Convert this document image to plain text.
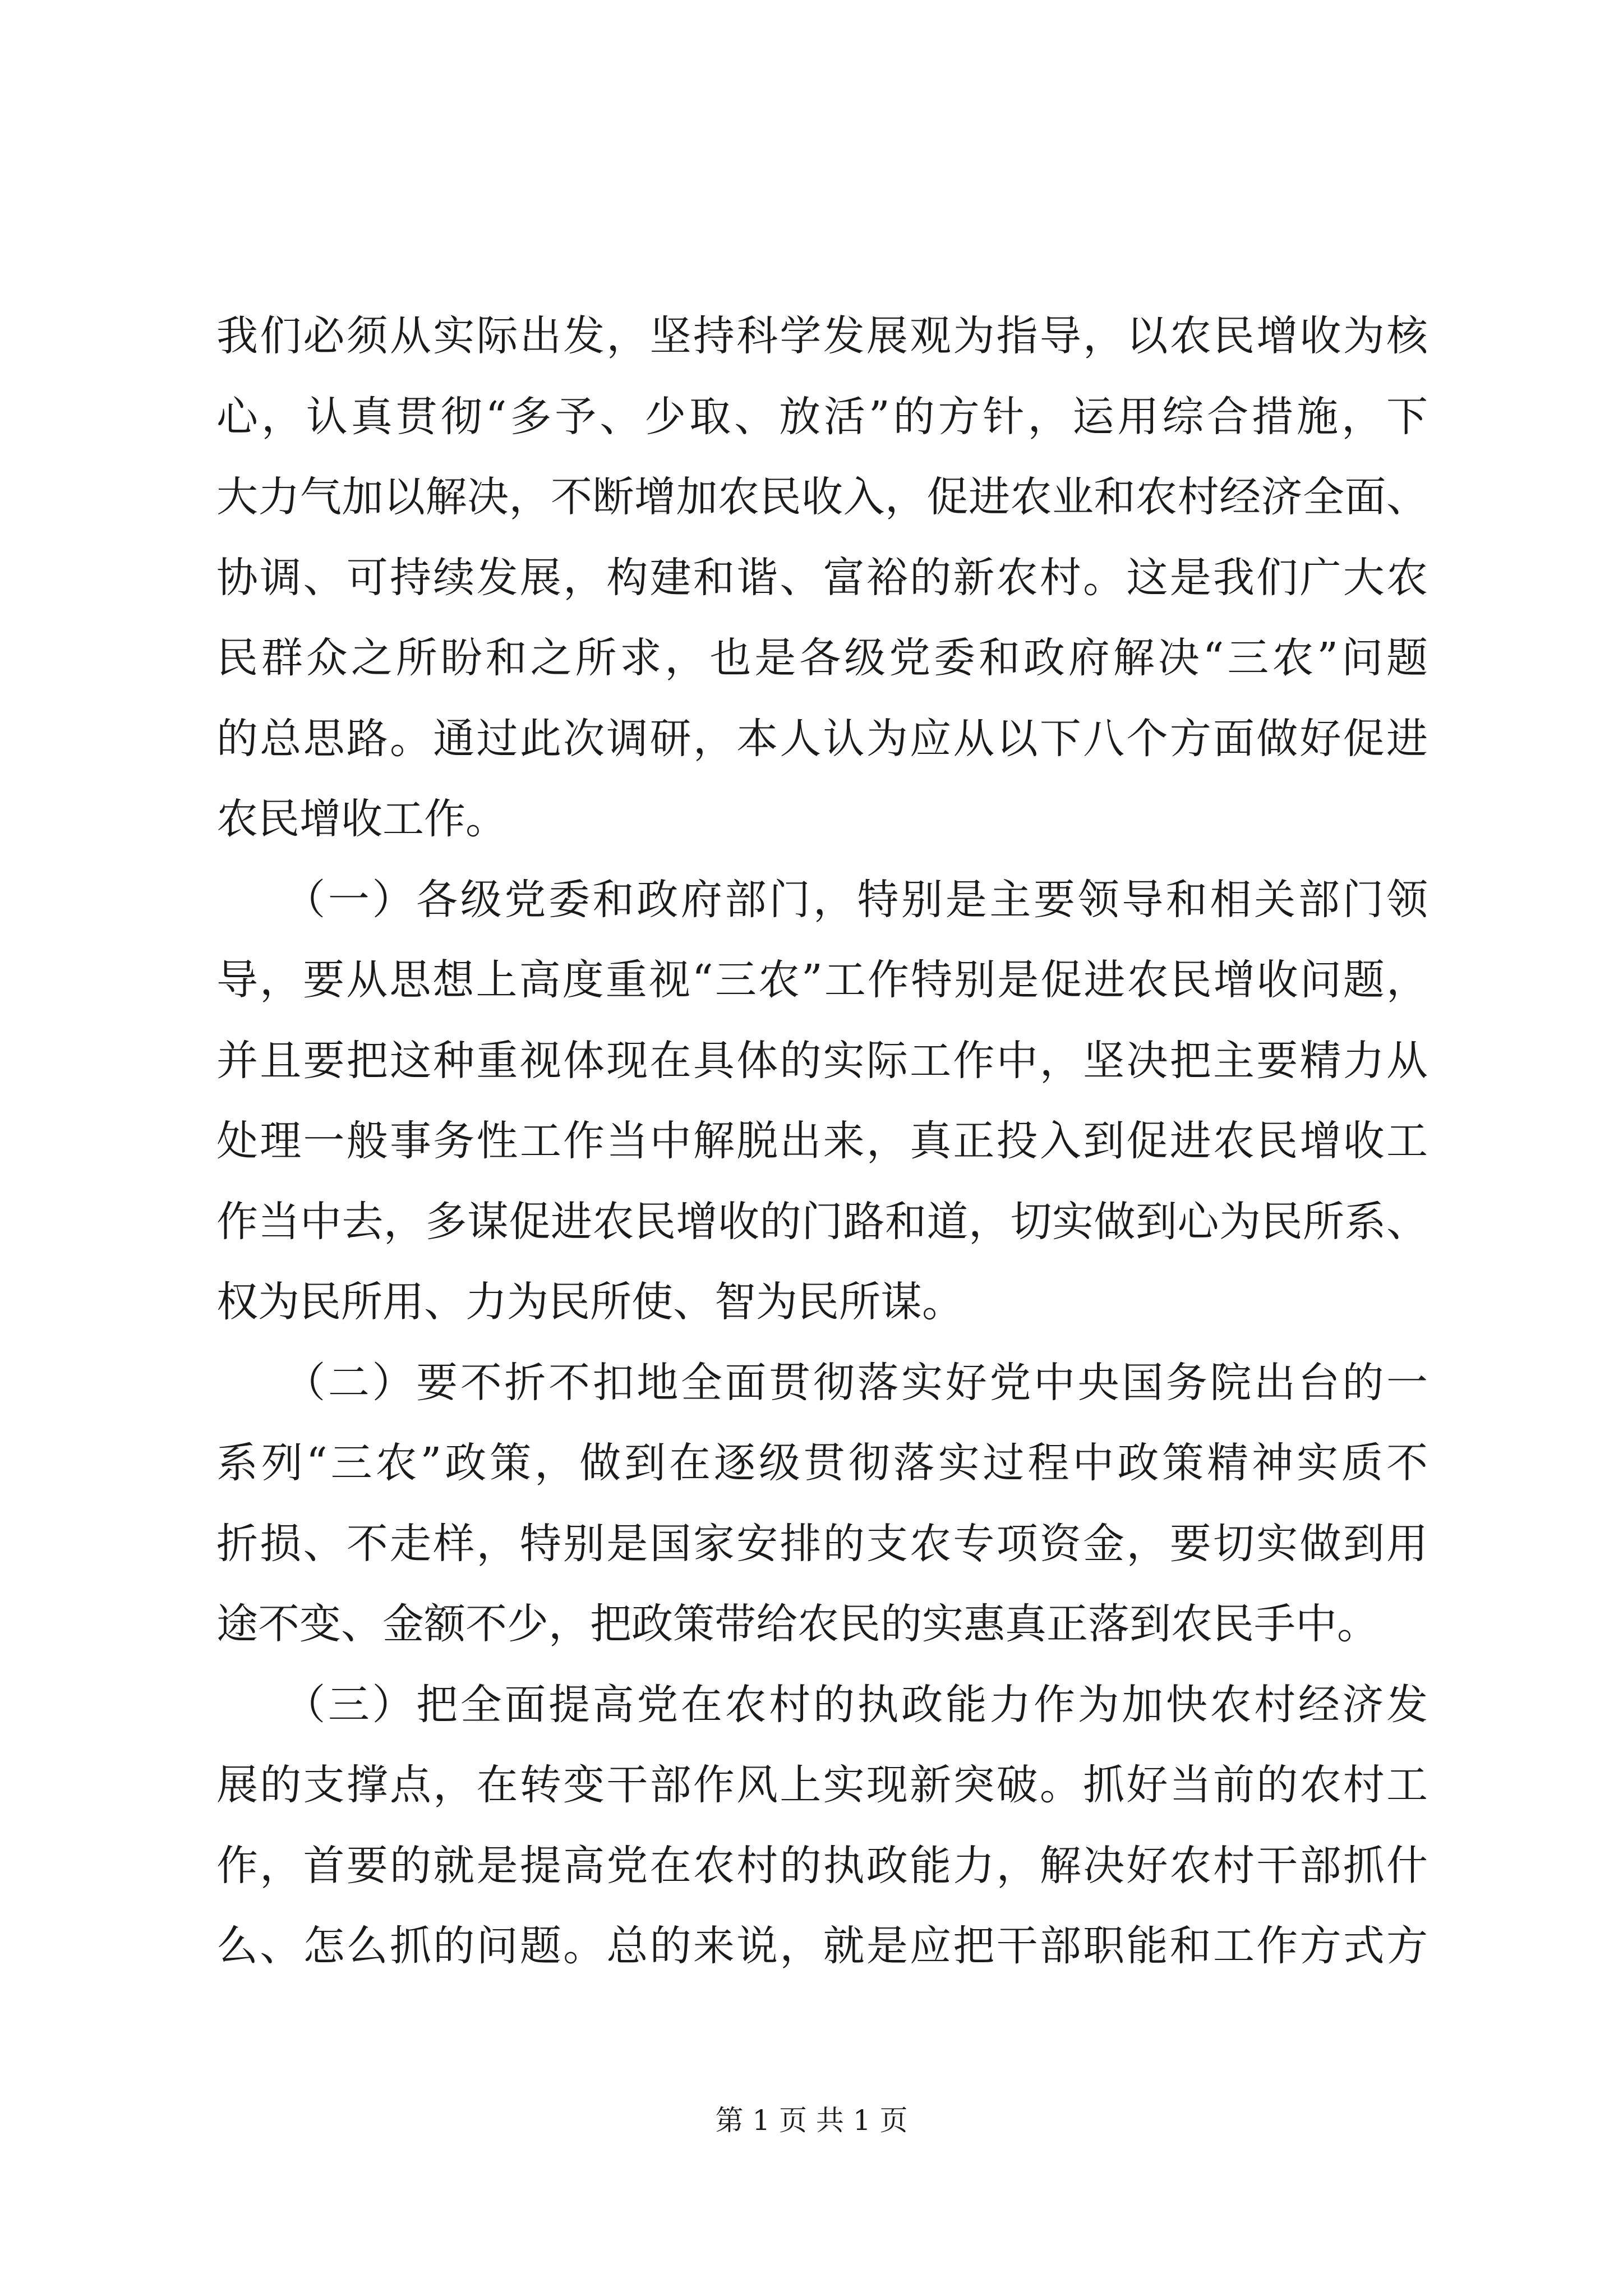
我们必须从实际出发，坚持科学发展观为指导，以农民增收为核
心，认真贯彻“多予、少取、放活”的方针，运用综合措施，下
大力气加以解决，不断增加农民收入，促进农业和农村经济全面、
协调、可持续发展，构建和谐、富裕的新农村。这是我们广大农
民群众之所盼和之所求，也是各级党委和政府解决“三农”问题
的总思路。通过此次调研，本人认为应从以下八个方面做好促进
农民增收工作。
　　（一）各级党委和政府部门，特别是主要领导和相关部门领
导，要从思想上高度重视“三农”工作特别是促进农民增收问题，
并且要把这种重视体现在具体的实际工作中，坚决把主要精力从
处理一般事务性工作当中解脱出来，真正投入到促进农民增收工
作当中去，多谋促进农民增收的门路和道，切实做到心为民所系、
权为民所用、力为民所使、智为民所谋。
　　（二）要不折不扣地全面贯彻落实好党中央国务院出台的一
系列“三农”政策，做到在逐级贯彻落实过程中政策精神实质不
折损、不走样，特别是国家安排的支农专项资金，要切实做到用
途不变、金额不少，把政策带给农民的实惠真正落到农民手中。
　　（三）把全面提高党在农村的执政能力作为加快农村经济发
展的支撑点，在转变干部作风上实现新突破。抓好当前的农村工
作，首要的就是提高党在农村的执政能力，解决好农村干部抓什
么、怎么抓的问题。总的来说，就是应把干部职能和工作方式方
第 1 页 共 1 页
